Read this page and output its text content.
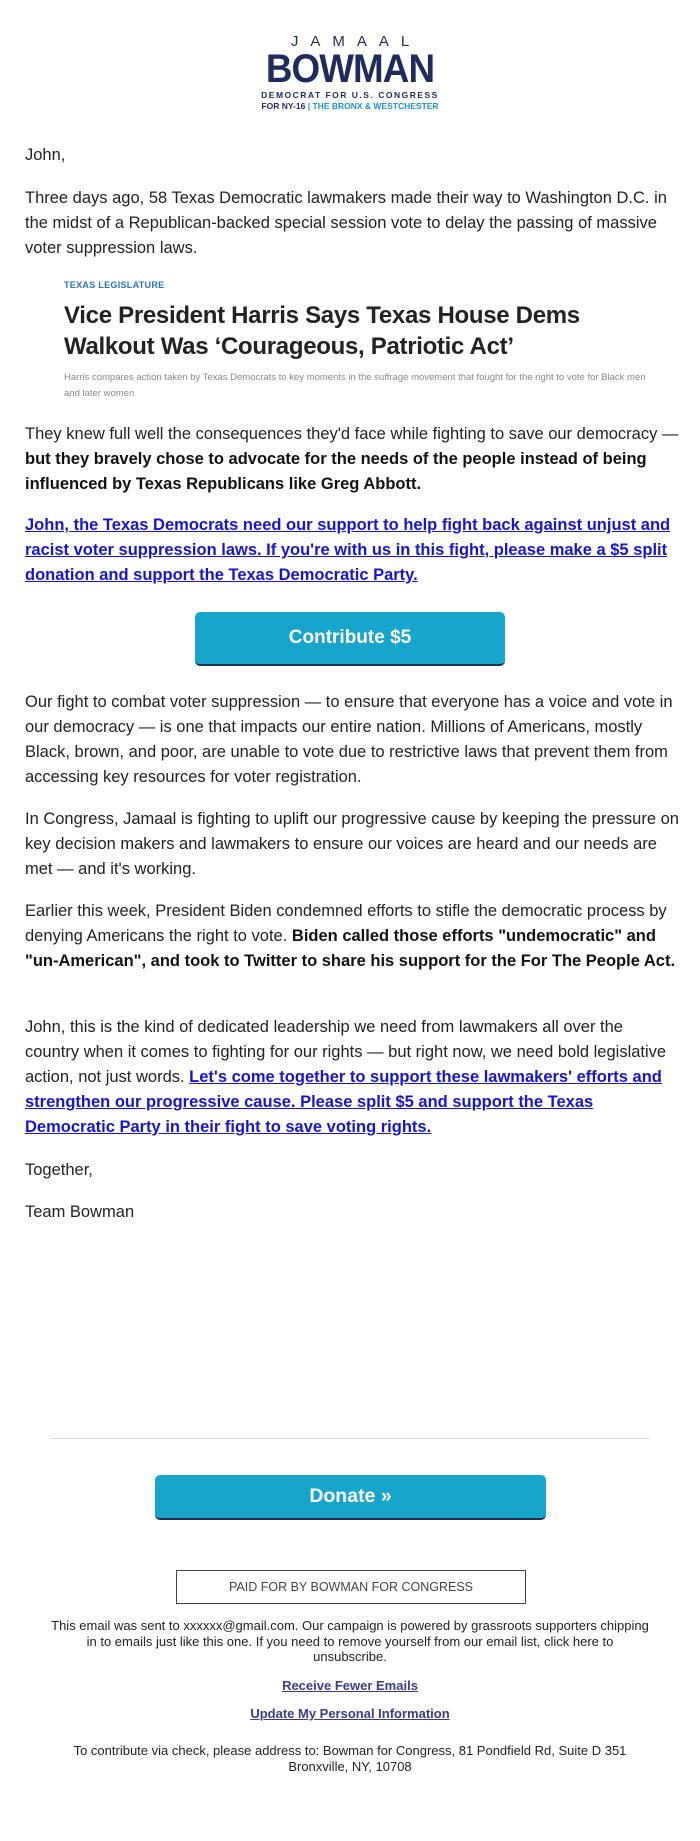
JAMAAL
BOWMAN
DEMOCRAT FOR U.S. CONGRESS
FOR NY-16 | THE BRONX & WESTCHESTER
John,

Three days ago, 58 Texas Democratic lawmakers made their way to Washington D.C. in the midst of a Republican-backed special session vote to delay the passing of massive voter suppression laws.

TEXAS LEGISLATURE
Vice President Harris Says Texas House Dems Walkout Was ‘Courageous, Patriotic Act’
Harris compares action taken by Texas Democrats to key moments in the suffrage movement that fought for the right to vote for Black men and later women

They knew full well the consequences they'd face while fighting to save our democracy — but they bravely chose to advocate for the needs of the people instead of being influenced by Texas Republicans like Greg Abbott.

John, the Texas Democrats need our support to help fight back against unjust and racist voter suppression laws. If you're with us in this fight, please make a $5 split donation and support the Texas Democratic Party.

Contribute $5

Our fight to combat voter suppression — to ensure that everyone has a voice and vote in our democracy — is one that impacts our entire nation. Millions of Americans, mostly Black, brown, and poor, are unable to vote due to restrictive laws that prevent them from accessing key resources for voter registration.

In Congress, Jamaal is fighting to uplift our progressive cause by keeping the pressure on key decision makers and lawmakers to ensure our voices are heard and our needs are met — and it's working.

Earlier this week, President Biden condemned efforts to stifle the democratic process by denying Americans the right to vote. Biden called those efforts "undemocratic" and "un-American", and took to Twitter to share his support for the For The People Act.

John, this is the kind of dedicated leadership we need from lawmakers all over the country when it comes to fighting for our rights — but right now, we need bold legislative action, not just words. Let's come together to support these lawmakers' efforts and strengthen our progressive cause. Please split $5 and support the Texas Democratic Party in their fight to save voting rights.

Together,
Team Bowman
Donate »
PAID FOR BY BOWMAN FOR CONGRESS
This email was sent to xxxxxx@gmail.com. Our campaign is powered by grassroots supporters chipping in to emails just like this one. If you need to remove yourself from our email list, click here to unsubscribe.
Receive Fewer Emails
Update My Personal Information
To contribute via check, please address to: Bowman for Congress, 81 Pondfield Rd, Suite D 351 Bronxville, NY, 10708
